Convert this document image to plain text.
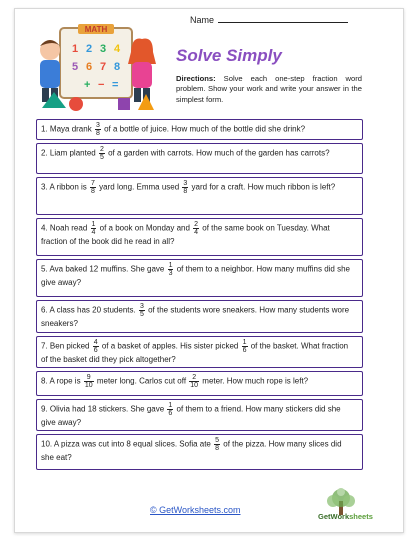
Name
MATH
1 2 3 4
5 6 7 8
+ − =
Solve Simply
Directions: Solve each one-step fraction word problem. Show your work and write your answer in the simplest form.
1. Maya drank $\frac{3}{8}$ of a bottle of juice. How much of the bottle did she drink?
2. Liam planted $\frac{2}{5}$ of a garden with carrots. How much of the garden has carrots?
3. A ribbon is $\frac{7}{8}$ yard long. Emma used $\frac{3}{8}$ yard for a craft. How much ribbon is left?
4. Noah read $\frac{1}{4}$ of a book on Monday and $\frac{2}{4}$ of the same book on Tuesday. What fraction of the book did he read in all?
5. Ava baked 12 muffins. She gave $\frac{1}{3}$ of them to a neighbor. How many muffins did she give away?
6. A class has 20 students. $\frac{3}{5}$ of the students wore sneakers. How many students wore sneakers?
7. Ben picked $\frac{4}{6}$ of a basket of apples. His sister picked $\frac{1}{6}$ of the basket. What fraction of the basket did they pick altogether?
8. A rope is $\frac{9}{10}$ meter long. Carlos cut off $\frac{2}{10}$ meter. How much rope is left?
9. Olivia had 18 stickers. She gave $\frac{1}{6}$ of them to a friend. How many stickers did she give away?
10. A pizza was cut into 8 equal slices. Sofia ate $\frac{5}{8}$ of the pizza. How many slices did she eat?
© GetWorksheets.com
GetWorksheets
